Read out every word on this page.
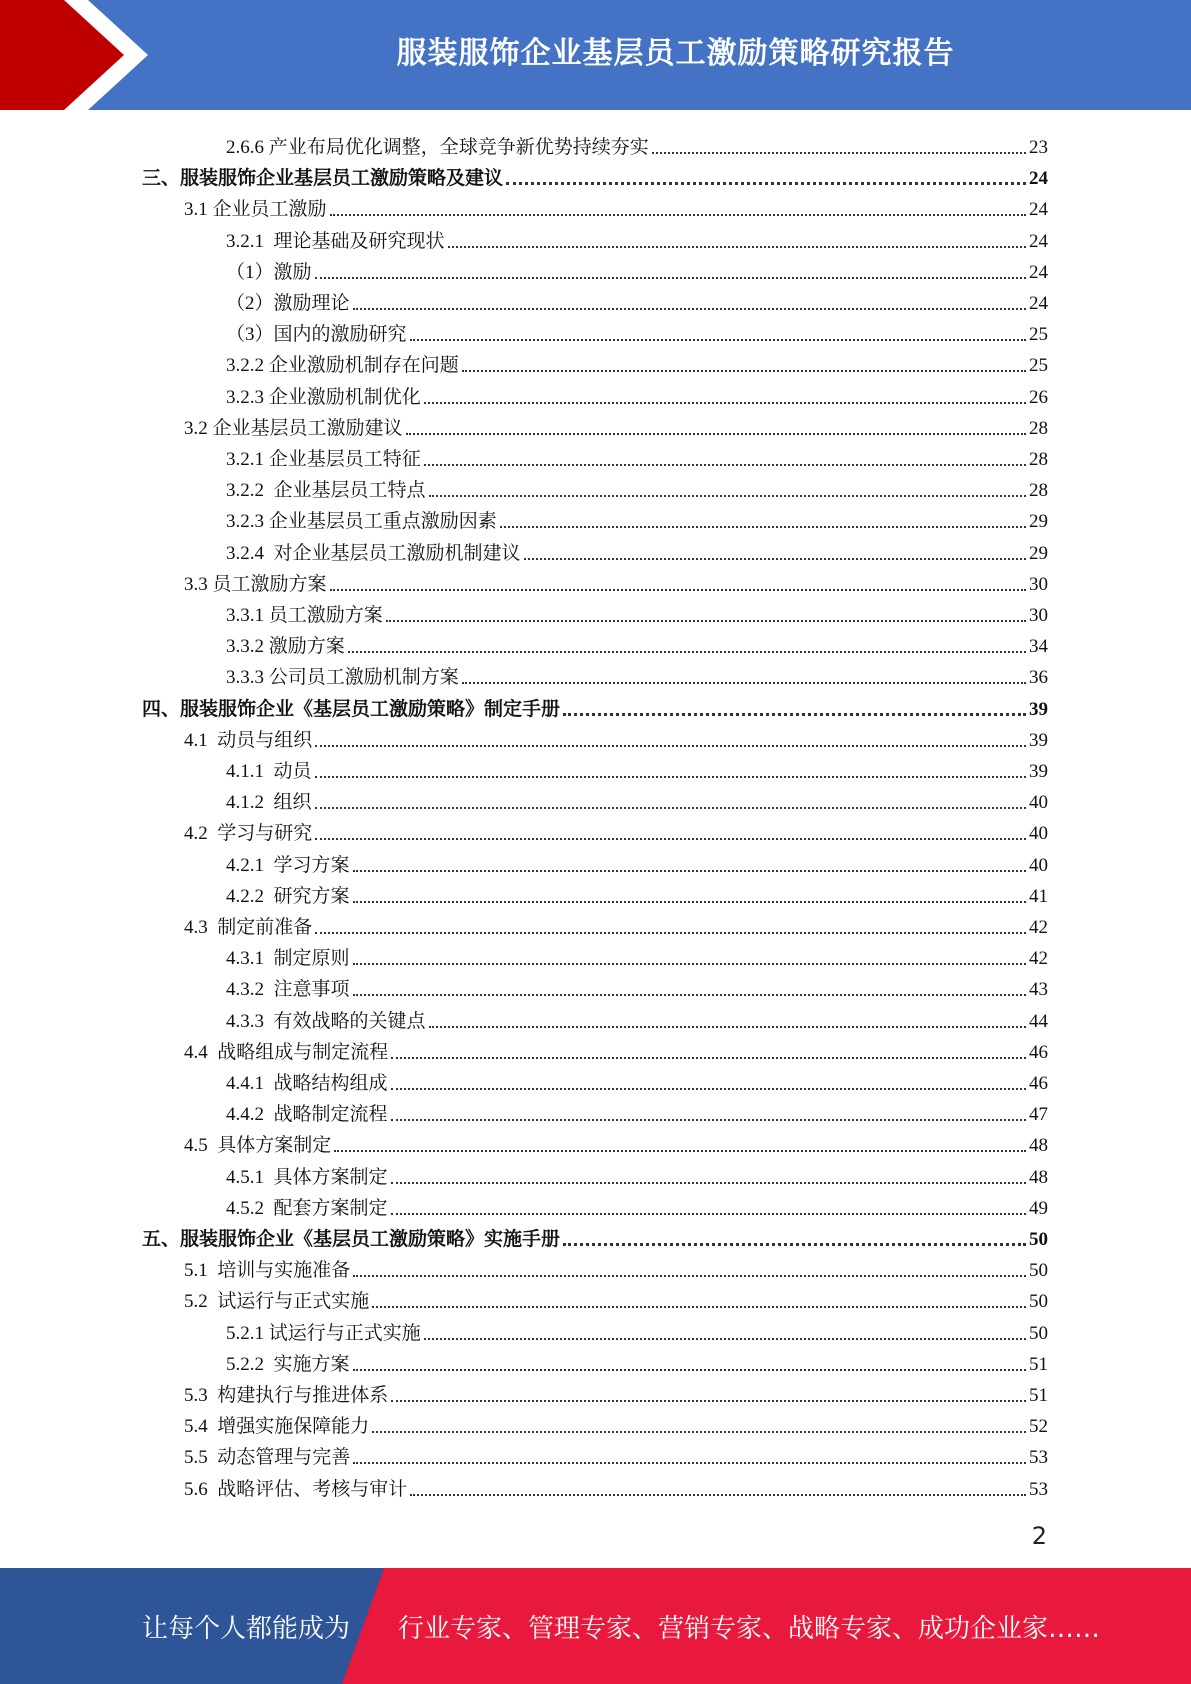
服装服饰企业基层员工激励策略研究报告
2.6.6 产业布局优化调整，全球竞争新优势持续夯实	23
三、服装服饰企业基层员工激励策略及建议	24
3.1 企业员工激励	24
3.2.1  理论基础及研究现状	24
（1）激励	24
（2）激励理论	24
（3）国内的激励研究	25
3.2.2 企业激励机制存在问题	25
3.2.3 企业激励机制优化	26
3.2 企业基层员工激励建议	28
3.2.1 企业基层员工特征	28
3.2.2  企业基层员工特点	28
3.2.3 企业基层员工重点激励因素	29
3.2.4  对企业基层员工激励机制建议	29
3.3 员工激励方案	30
3.3.1 员工激励方案	30
3.3.2 激励方案	34
3.3.3 公司员工激励机制方案	36
四、服装服饰企业《基层员工激励策略》制定手册	39
4.1  动员与组织	39
4.1.1  动员	39
4.1.2  组织	40
4.2  学习与研究	40
4.2.1  学习方案	40
4.2.2  研究方案	41
4.3  制定前准备	42
4.3.1  制定原则	42
4.3.2  注意事项	43
4.3.3  有效战略的关键点	44
4.4  战略组成与制定流程	46
4.4.1  战略结构组成	46
4.4.2  战略制定流程	47
4.5  具体方案制定	48
4.5.1  具体方案制定	48
4.5.2  配套方案制定	49
五、服装服饰企业《基层员工激励策略》实施手册	50
5.1  培训与实施准备	50
5.2  试运行与正式实施	50
5.2.1 试运行与正式实施	50
5.2.2  实施方案	51
5.3  构建执行与推进体系	51
5.4  增强实施保障能力	52
5.5  动态管理与完善	53
5.6  战略评估、考核与审计	53
2
让每个人都能成为 行业专家、管理专家、营销专家、战略专家、成功企业家……
